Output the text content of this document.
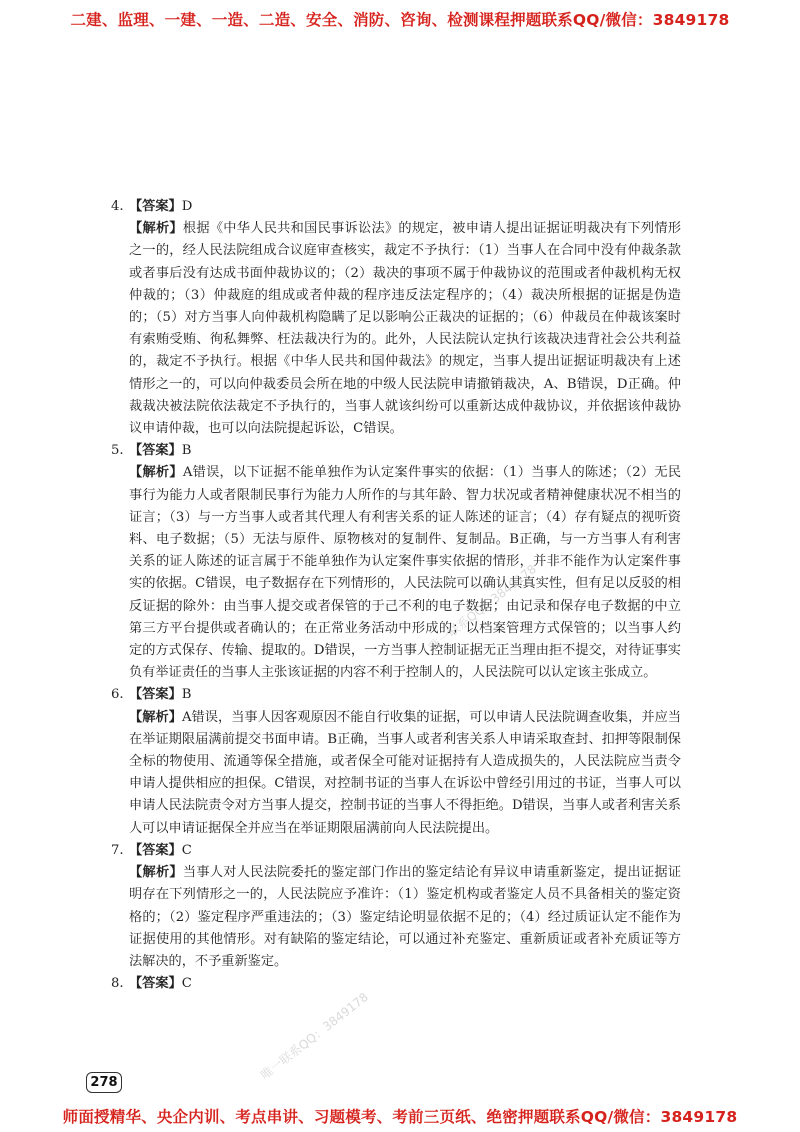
二建、监理、一建、一造、二造、安全、消防、咨询、检测课程押题联系QQ/微信：3849178
4. 【答案】D
【解析】根据《中华人民共和国民事诉讼法》的规定，被申请人提出证据证明裁决有下列情形之一的，经人民法院组成合议庭审查核实，裁定不予执行：（1）当事人在合同中没有仲裁条款或者事后没有达成书面仲裁协议的；（2）裁决的事项不属于仲裁协议的范围或者仲裁机构无权仲裁的；（3）仲裁庭的组成或者仲裁的程序违反法定程序的；（4）裁决所根据的证据是伪造的；（5）对方当事人向仲裁机构隐瞒了足以影响公正裁决的证据的；（6）仲裁员在仲裁该案时有索贿受贿、徇私舞弊、枉法裁决行为的。此外，人民法院认定执行该裁决违背社会公共利益的，裁定不予执行。根据《中华人民共和国仲裁法》的规定，当事人提出证据证明裁决有上述情形之一的，可以向仲裁委员会所在地的中级人民法院申请撤销裁决，A、B错误，D正确。仲裁裁决被法院依法裁定不予执行的，当事人就该纠纷可以重新达成仲裁协议，并依据该仲裁协议申请仲裁，也可以向法院提起诉讼，C错误。
5. 【答案】B
【解析】A错误，以下证据不能单独作为认定案件事实的依据：（1）当事人的陈述；（2）无民事行为能力人或者限制民事行为能力人所作的与其年龄、智力状况或者精神健康状况不相当的证言；（3）与一方当事人或者其代理人有利害关系的证人陈述的证言；（4）存有疑点的视听资料、电子数据；（5）无法与原件、原物核对的复制件、复制品。B正确，与一方当事人有利害关系的证人陈述的证言属于不能单独作为认定案件事实依据的情形，并非不能作为认定案件事实的依据。C错误，电子数据存在下列情形的，人民法院可以确认其真实性，但有足以反驳的相反证据的除外：由当事人提交或者保管的于己不利的电子数据；由记录和保存电子数据的中立第三方平台提供或者确认的；在正常业务活动中形成的；以档案管理方式保管的；以当事人约定的方式保存、传输、提取的。D错误，一方当事人控制证据无正当理由拒不提交，对待证事实负有举证责任的当事人主张该证据的内容不利于控制人的，人民法院可以认定该主张成立。
6. 【答案】B
【解析】A错误，当事人因客观原因不能自行收集的证据，可以申请人民法院调查收集，并应当在举证期限届满前提交书面申请。B正确，当事人或者利害关系人申请采取查封、扣押等限制保全标的物使用、流通等保全措施，或者保全可能对证据持有人造成损失的，人民法院应当责令申请人提供相应的担保。C错误，对控制书证的当事人在诉讼中曾经引用过的书证，当事人可以申请人民法院责令对方当事人提交，控制书证的当事人不得拒绝。D错误，当事人或者利害关系人可以申请证据保全并应当在举证期限届满前向人民法院提出。
7. 【答案】C
【解析】当事人对人民法院委托的鉴定部门作出的鉴定结论有异议申请重新鉴定，提出证据证明存在下列情形之一的，人民法院应予准许：（1）鉴定机构或者鉴定人员不具备相关的鉴定资格的；（2）鉴定程序严重违法的；（3）鉴定结论明显依据不足的；（4）经过质证认定不能作为证据使用的其他情形。对有缺陷的鉴定结论，可以通过补充鉴定、重新质证或者补充质证等方法解决的，不予重新鉴定。
8. 【答案】C
唯一联系QQ：3849178
唯一联系QQ：3849178
278
师面授精华、央企内训、考点串讲、习题模考、考前三页纸、绝密押题联系QQ/微信：3849178
